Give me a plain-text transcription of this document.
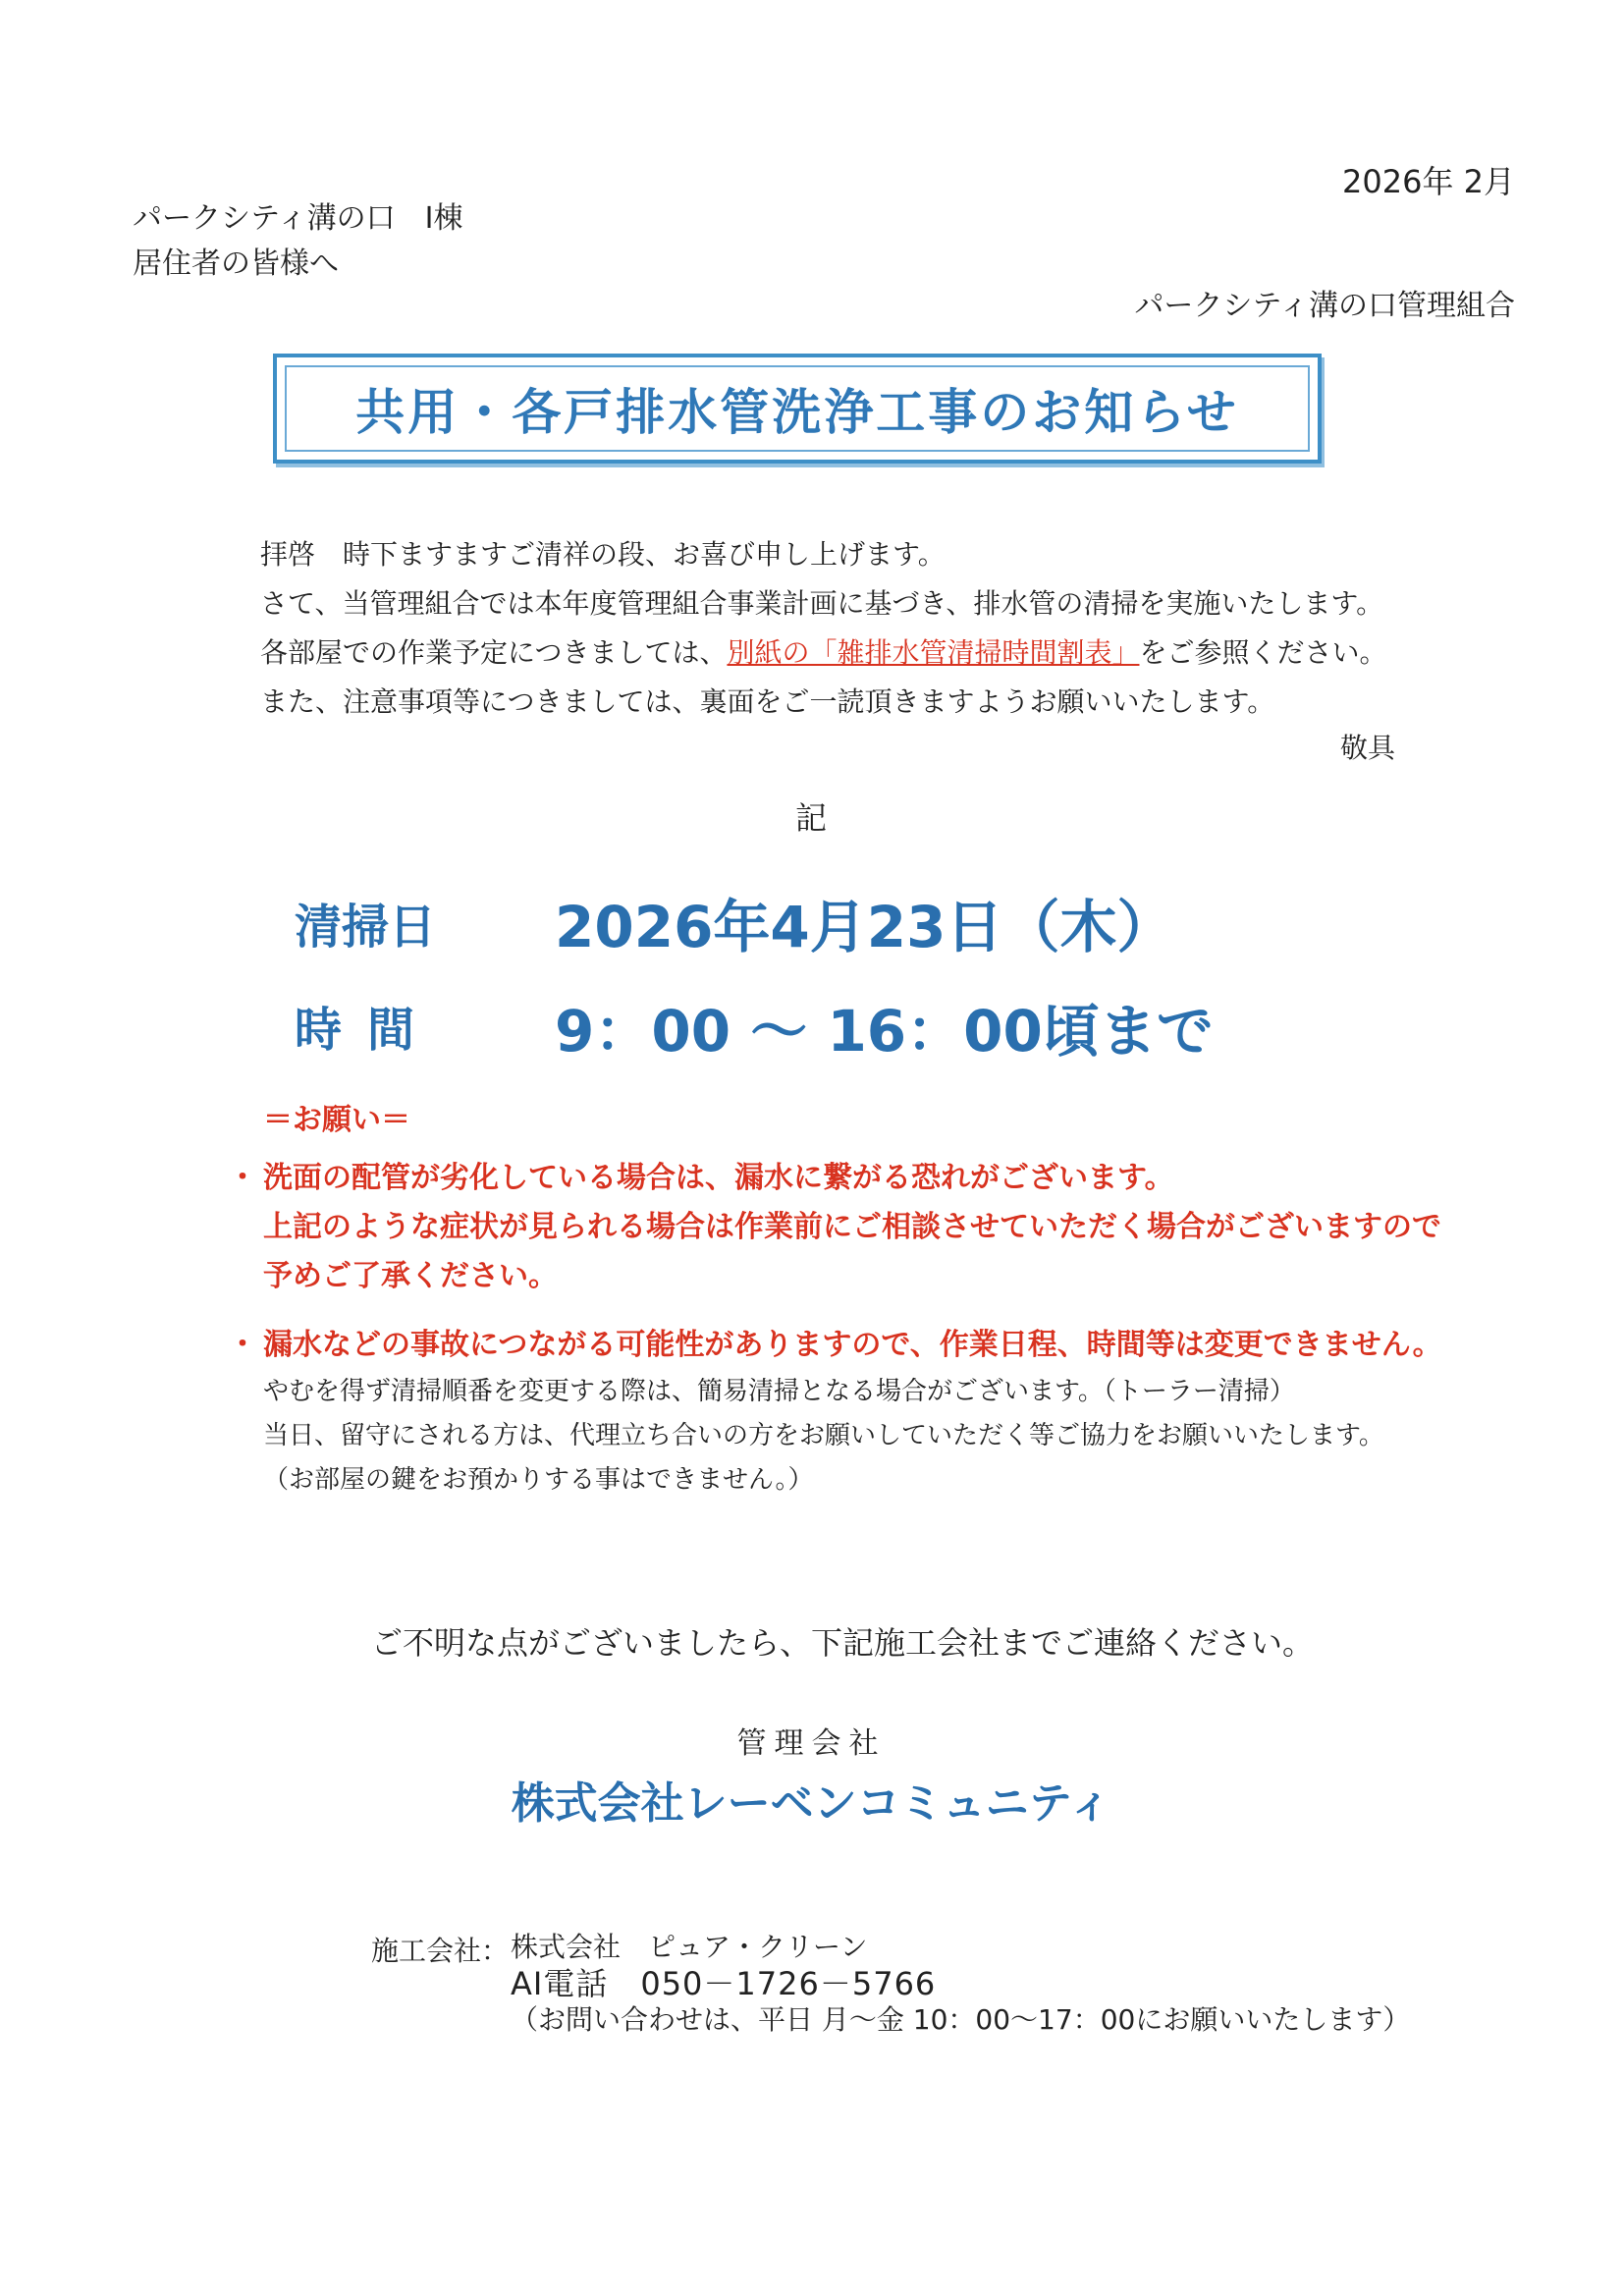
2026年 2月
パークシティ溝の口　I棟
居住者の皆様へ
パークシティ溝の口管理組合
共用・各戸排水管洗浄工事のお知らせ
拝啓　時下ますますご清祥の段、お喜び申し上げます。
さて、当管理組合では本年度管理組合事業計画に基づき、排水管の清掃を実施いたします。
各部屋での作業予定につきましては、別紙の「雑排水管清掃時間割表」をご参照ください。
また、注意事項等につきましては、裏面をご一読頂きますようお願いいたします。
敬具
記
清掃日 2026年4月23日（木）
時間 9：00 ～ 16：00頃まで
＝お願い＝
・ 洗面の配管が劣化している場合は、漏水に繋がる恐れがございます。
上記のような症状が見られる場合は作業前にご相談させていただく場合がございますので
予めご了承ください。
・ 漏水などの事故につながる可能性がありますので、作業日程、時間等は変更できません。
やむを得ず清掃順番を変更する際は、簡易清掃となる場合がございます。（トーラー清掃）
当日、留守にされる方は、代理立ち合いの方をお願いしていただく等ご協力をお願いいたします。
（お部屋の鍵をお預かりする事はできません。）
ご不明な点がございましたら、下記施工会社までご連絡ください。
管理会社
株式会社レーベンコミュニティ
施工会社： 株式会社　ピュア・クリーン
AI電話　050－1726－5766
（お問い合わせは、平日 月～金 10：00～17：00にお願いいたします）
